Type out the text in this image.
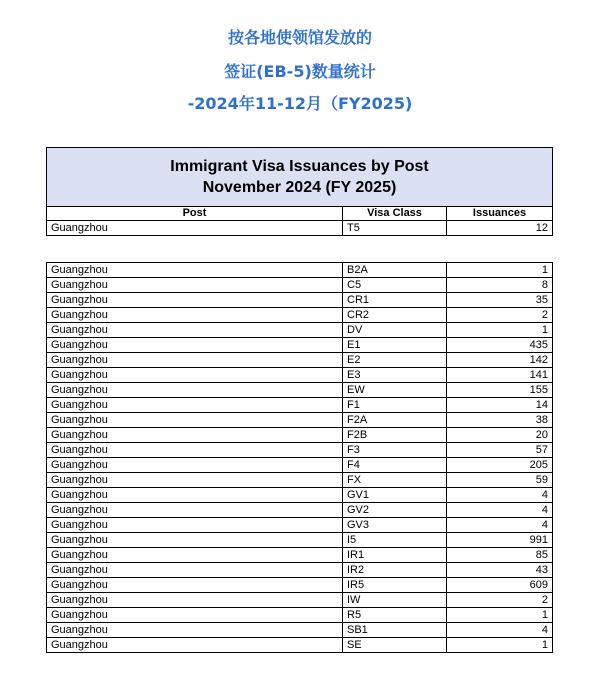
按各地使领馆发放的
签证(EB-5)数量统计
-2024年11-12月（FY2025)
Immigrant Visa Issuances by Post
November 2024 (FY 2025)		

Post	Visa Class	Issuances
Guangzhou	T5	12
Guangzhou	B2A	1
Guangzhou	C5	8
Guangzhou	CR1	35
Guangzhou	CR2	2
Guangzhou	DV	1
Guangzhou	E1	435
Guangzhou	E2	142
Guangzhou	E3	141
Guangzhou	EW	155
Guangzhou	F1	14
Guangzhou	F2A	38
Guangzhou	F2B	20
Guangzhou	F3	57
Guangzhou	F4	205
Guangzhou	FX	59
Guangzhou	GV1	4
Guangzhou	GV2	4
Guangzhou	GV3	4
Guangzhou	I5	991
Guangzhou	IR1	85
Guangzhou	IR2	43
Guangzhou	IR5	609
Guangzhou	IW	2
Guangzhou	R5	1
Guangzhou	SB1	4
Guangzhou	SE	1
